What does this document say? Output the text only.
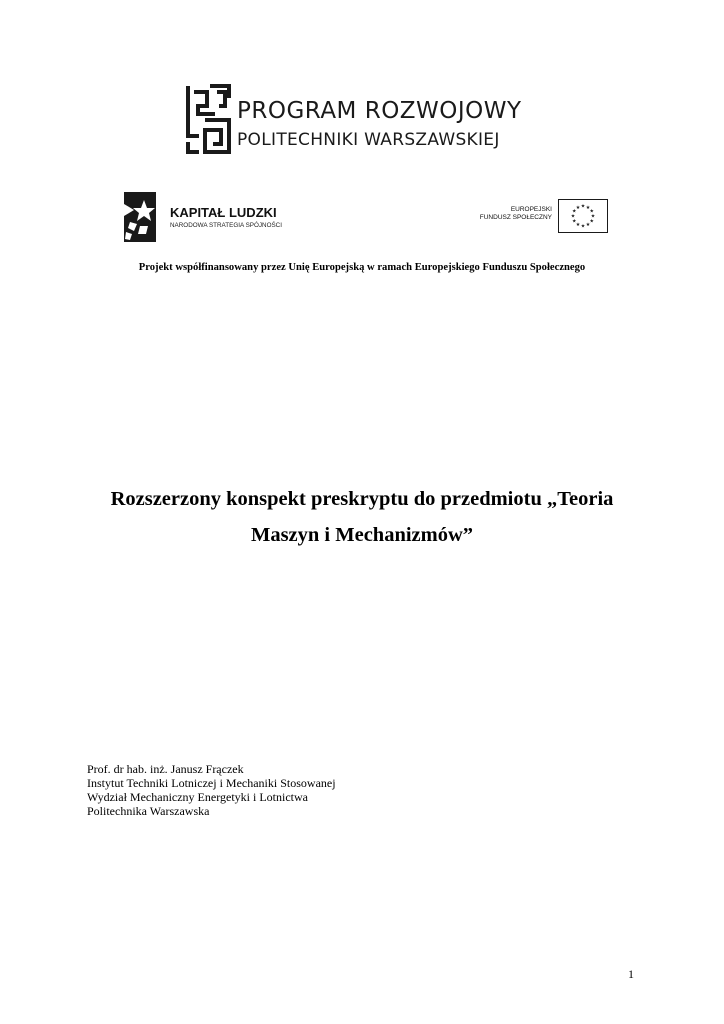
PROGRAM ROZWOJOWY
POLITECHNIKI WARSZAWSKIEJ
KAPITAŁ LUDZKI
NARODOWA STRATEGIA SPÓJNOŚCI
EUROPEJSKI
FUNDUSZ SPOŁECZNY
★ ★
★
★
★
★
★
★
★
★
★
★
Projekt współfinansowany przez Unię Europejską w ramach Europejskiego Funduszu Społecznego
Rozszerzony konspekt preskryptu do przedmiotu „Teoria
Maszyn i Mechanizmów”
Prof. dr hab. inż. Janusz Frączek
Instytut Techniki Lotniczej i Mechaniki Stosowanej
Wydział Mechaniczny Energetyki i Lotnictwa
Politechnika Warszawska
1
